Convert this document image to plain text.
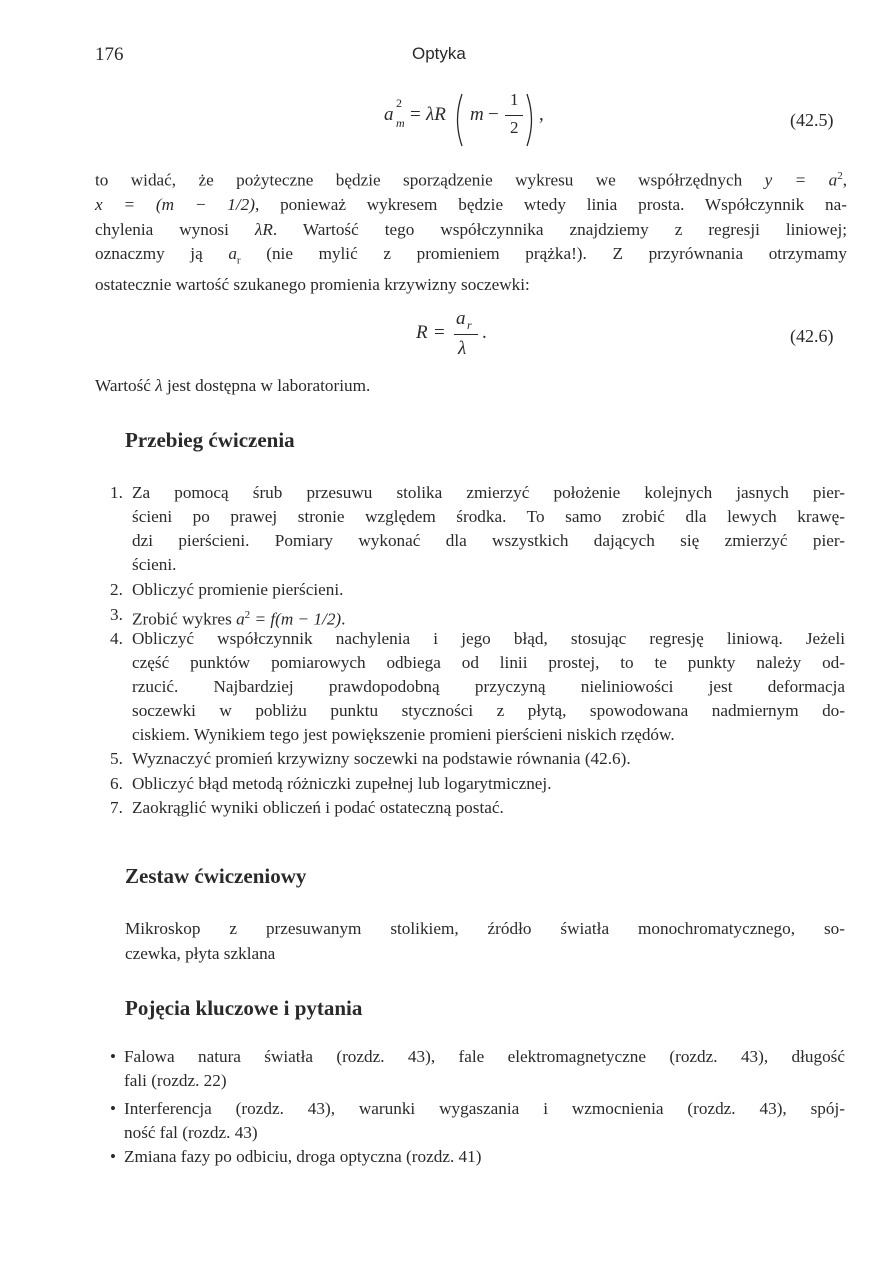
176	Optyka
a
2
m = λR m −
1
2
,	(42.5)
to widać, że pożyteczne będzie sporządzenie wykresu we współrzędnych $y = a^2$,
x = (m − 1/2), ponieważ wykresem będzie wtedy linia prosta. Współczynnik na-
chylenia wynosi λR. Wartość tego współczynnika znajdziemy z regresji liniowej;
oznaczmy ją $a_r$ (nie mylić z promieniem prążka!). Z przyrównania otrzymamy
ostatecznie wartość szukanego promienia krzywizny soczewki:
R =
a r
λ
.	(42.6)
Wartość λ jest dostępna w laboratorium.
Przebieg ćwiczenia
1. Za pomocą śrub przesuwu stolika zmierzyć położenie kolejnych jasnych pier-
ścieni po prawej stronie względem środka. To samo zrobić dla lewych krawę-
dzi pierścieni. Pomiary wykonać dla wszystkich dających się zmierzyć pier-
ścieni.
2. Obliczyć promienie pierścieni.
3. Zrobić wykres $a^2 = f(m - 1/2)$.
4. Obliczyć współczynnik nachylenia i jego błąd, stosując regresję liniową. Jeżeli
część punktów pomiarowych odbiega od linii prostej, to te punkty należy od-
rzucić. Najbardziej prawdopodobną przyczyną nieliniowości jest deformacja
soczewki w pobliżu punktu styczności z płytą, spowodowana nadmiernym do-
ciskiem. Wynikiem tego jest powiększenie promieni pierścieni niskich rzędów.
5. Wyznaczyć promień krzywizny soczewki na podstawie równania (42.6).
6. Obliczyć błąd metodą różniczki zupełnej lub logarytmicznej.
7. Zaokrąglić wyniki obliczeń i podać ostateczną postać.
Zestaw ćwiczeniowy
Mikroskop z przesuwanym stolikiem, źródło światła monochromatycznego, so-
czewka, płyta szklana
Pojęcia kluczowe i pytania
• Falowa natura światła (rozdz. 43), fale elektromagnetyczne (rozdz. 43), długość
fali (rozdz. 22)
• Interferencja (rozdz. 43), warunki wygaszania i wzmocnienia (rozdz. 43), spój-
ność fal (rozdz. 43)
• Zmiana fazy po odbiciu, droga optyczna (rozdz. 41)
